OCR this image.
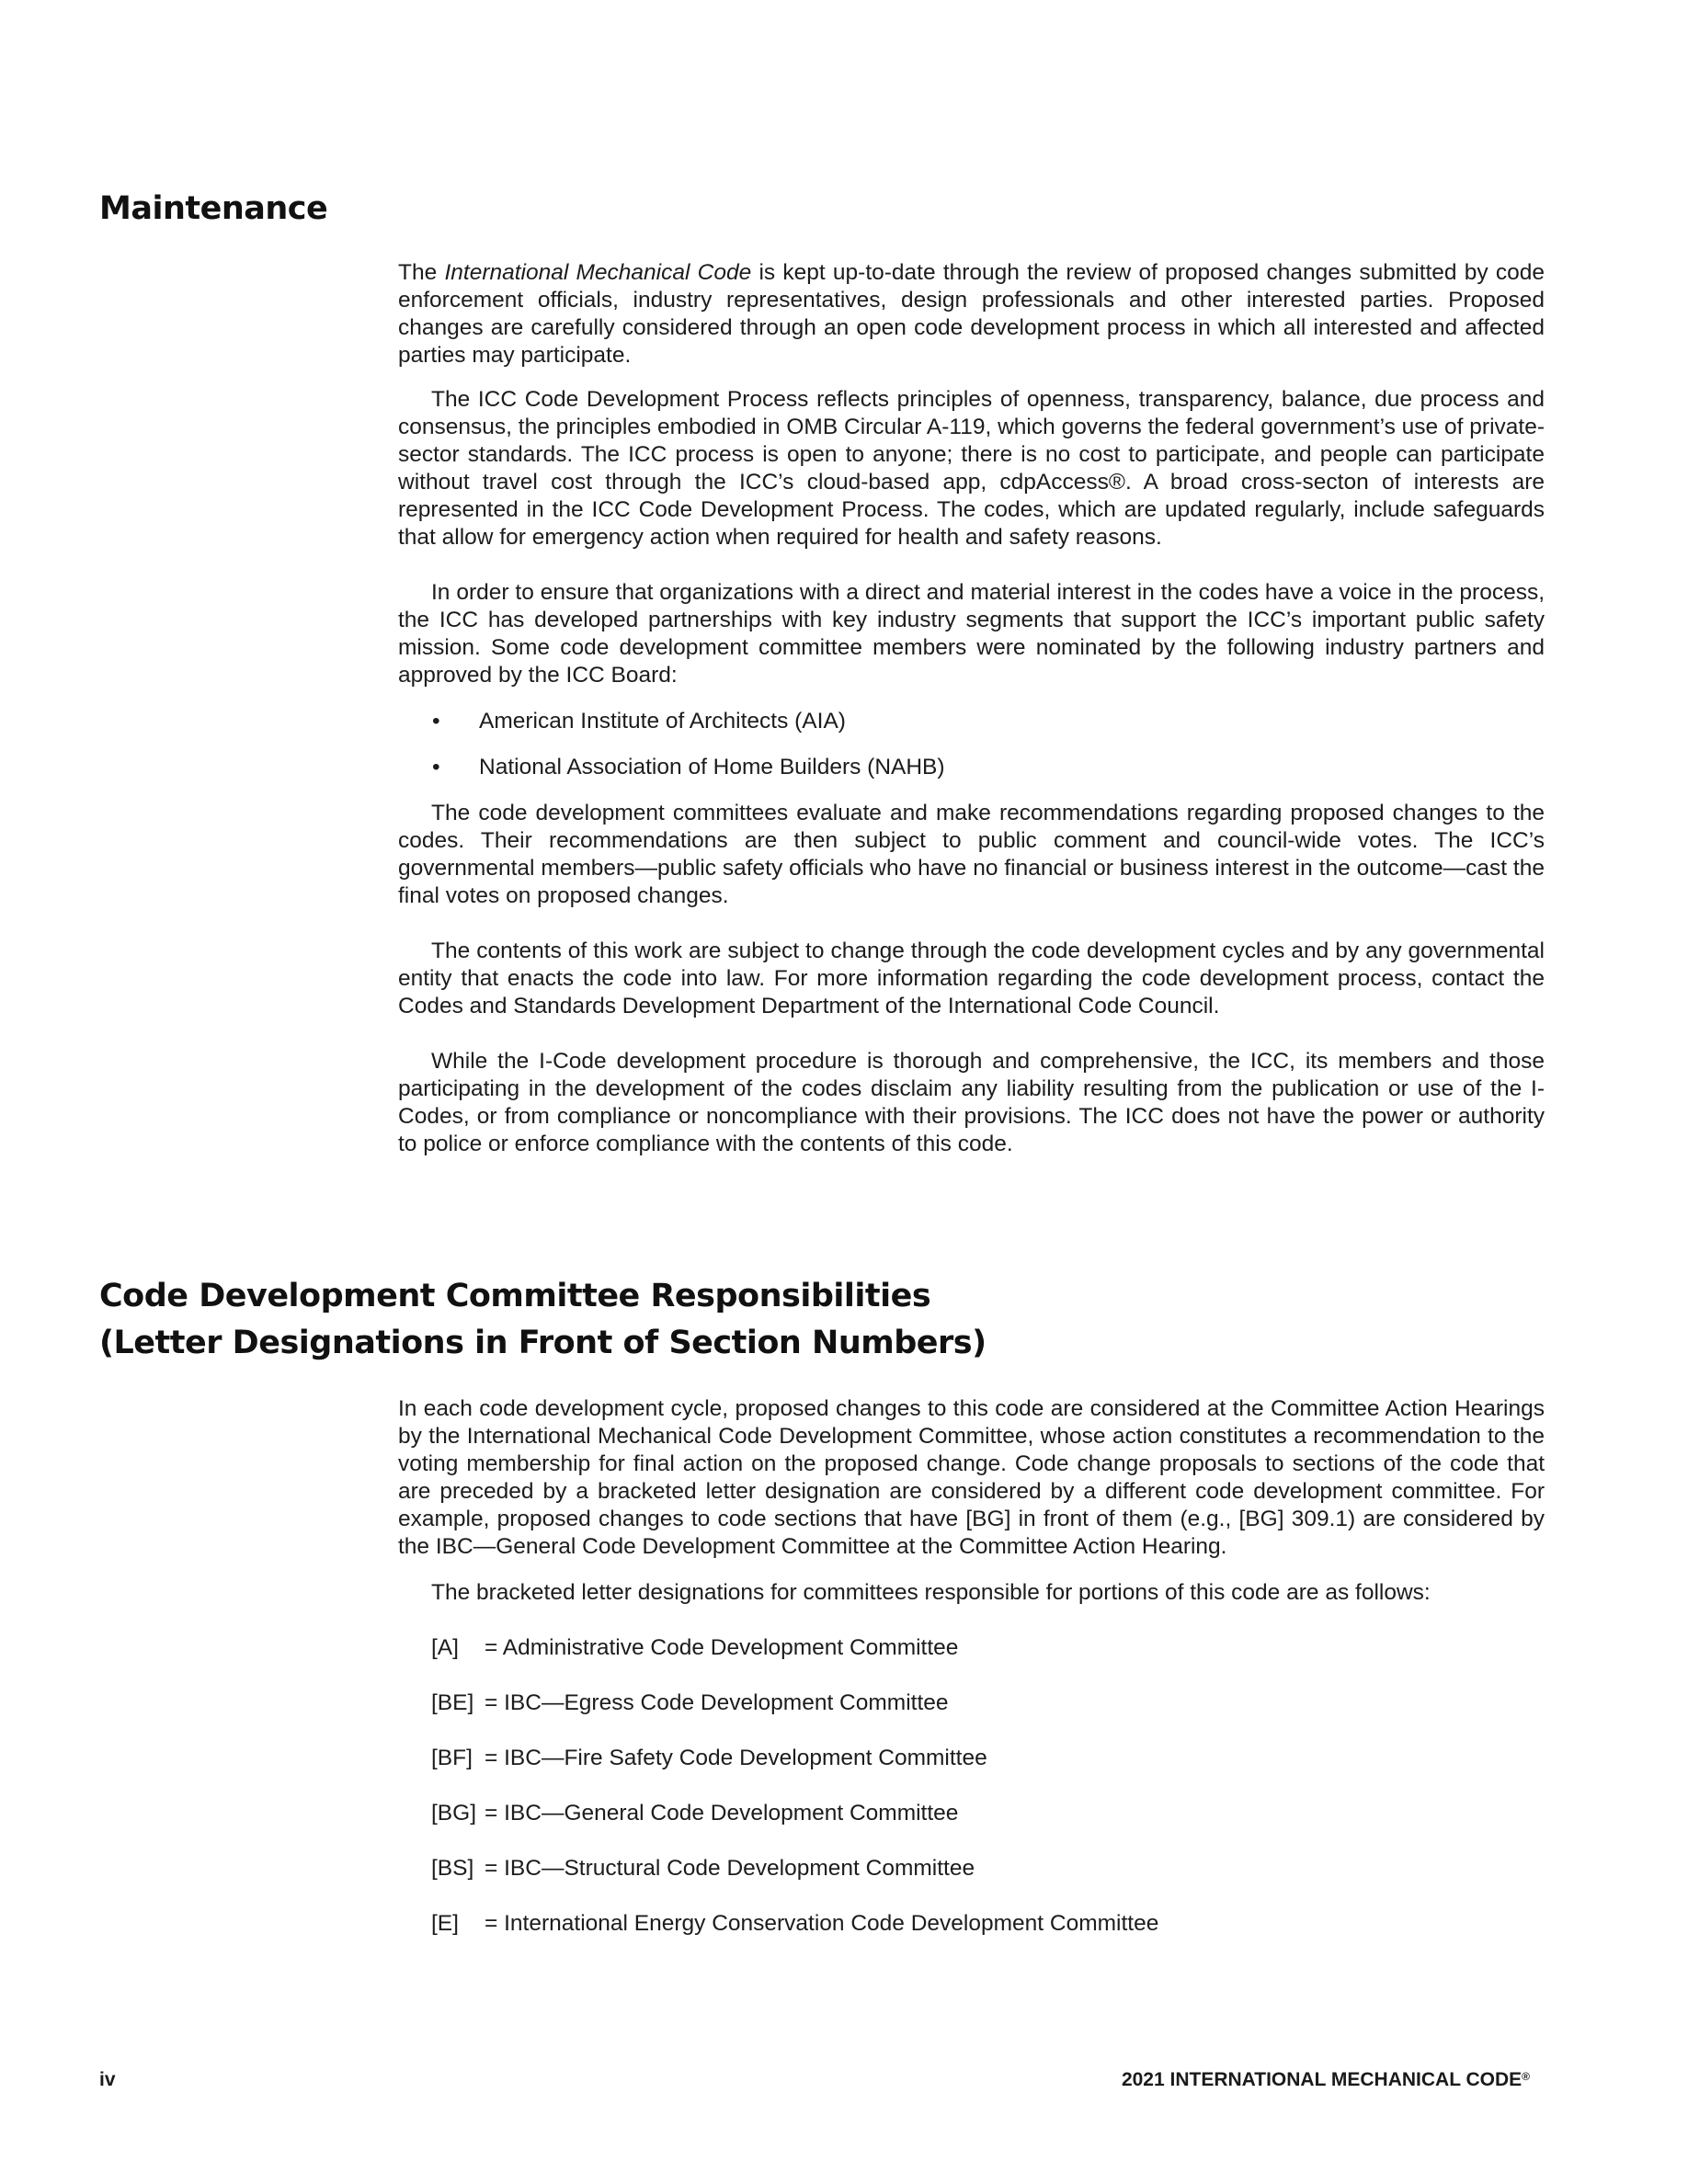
Maintenance

The International Mechanical Code is kept up-to-date through the review of proposed changes submitted by code enforcement officials, industry representatives, design professionals and other interested parties. Proposed changes are carefully considered through an open code development process in which all interested and affected parties may participate.

The ICC Code Development Process reflects principles of openness, transparency, balance, due process and consensus, the principles embodied in OMB Circular A-119, which governs the federal government’s use of private-sector standards. The ICC process is open to anyone; there is no cost to participate, and people can participate without travel cost through the ICC’s cloud-based app, cdpAccess®. A broad cross-secton of interests are represented in the ICC Code Development Process. The codes, which are updated regularly, include safeguards that allow for emergency action when required for health and safety reasons.

In order to ensure that organizations with a direct and material interest in the codes have a voice in the process, the ICC has developed partnerships with key industry segments that support the ICC’s important public safety mission. Some code development committee members were nominated by the following industry partners and approved by the ICC Board:

• American Institute of Architects (AIA)
• National Association of Home Builders (NAHB)

The code development committees evaluate and make recommendations regarding proposed changes to the codes. Their recommendations are then subject to public comment and council-wide votes. The ICC’s governmental members—public safety officials who have no financial or business interest in the outcome—cast the final votes on proposed changes.

The contents of this work are subject to change through the code development cycles and by any governmental entity that enacts the code into law. For more information regarding the code development process, contact the Codes and Standards Development Department of the International Code Council.

While the I-Code development procedure is thorough and comprehensive, the ICC, its members and those participating in the development of the codes disclaim any liability resulting from the publication or use of the I-Codes, or from compliance or noncompliance with their provisions. The ICC does not have the power or authority to police or enforce compliance with the contents of this code.

Code Development Committee Responsibilities
(Letter Designations in Front of Section Numbers)

In each code development cycle, proposed changes to this code are considered at the Committee Action Hearings by the International Mechanical Code Development Committee, whose action constitutes a recommendation to the voting membership for final action on the proposed change. Code change proposals to sections of the code that are preceded by a bracketed letter designation are considered by a different code development committee. For example, proposed changes to code sections that have [BG] in front of them (e.g., [BG] 309.1) are considered by the IBC—General Code Development Committee at the Committee Action Hearing.

The bracketed letter designations for committees responsible for portions of this code are as follows:

[A] = Administrative Code Development Committee
[BE] = IBC—Egress Code Development Committee
[BF] = IBC—Fire Safety Code Development Committee
[BG] = IBC—General Code Development Committee
[BS] = IBC—Structural Code Development Committee
[E] = International Energy Conservation Code Development Committee
iv	2021 INTERNATIONAL MECHANICAL CODE®
